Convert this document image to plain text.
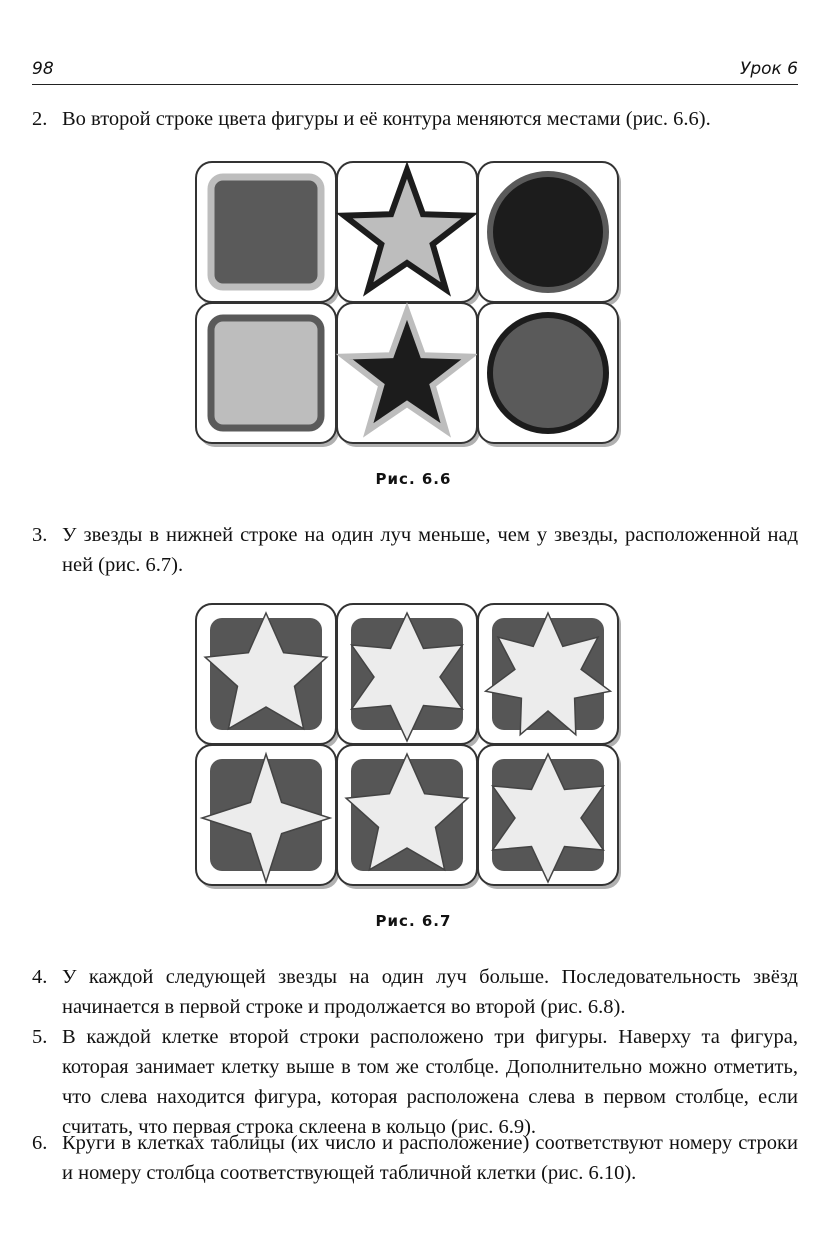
98	Урок 6
2. Во второй строке цвета фигуры и её контура меняются местами (рис. 6.6).
Рис. 6.6
3. У звезды в нижней строке на один луч меньше, чем у звезды, расположенной над ней (рис. 6.7).
Рис. 6.7
4. У каждой следующей звезды на один луч больше. Последовательность звёзд начинается в первой строке и продолжается во второй (рис. 6.8).
5. В каждой клетке второй строки расположено три фигуры. Наверху та фигура, которая занимает клетку выше в том же столбце. Дополнительно можно отметить, что слева находится фигура, которая расположена слева в первом столбце, если считать, что первая строка склеена в кольцо (рис. 6.9).
6. Круги в клетках таблицы (их число и расположение) соответствуют номеру строки и номеру столбца соответствующей табличной клетки (рис. 6.10).
